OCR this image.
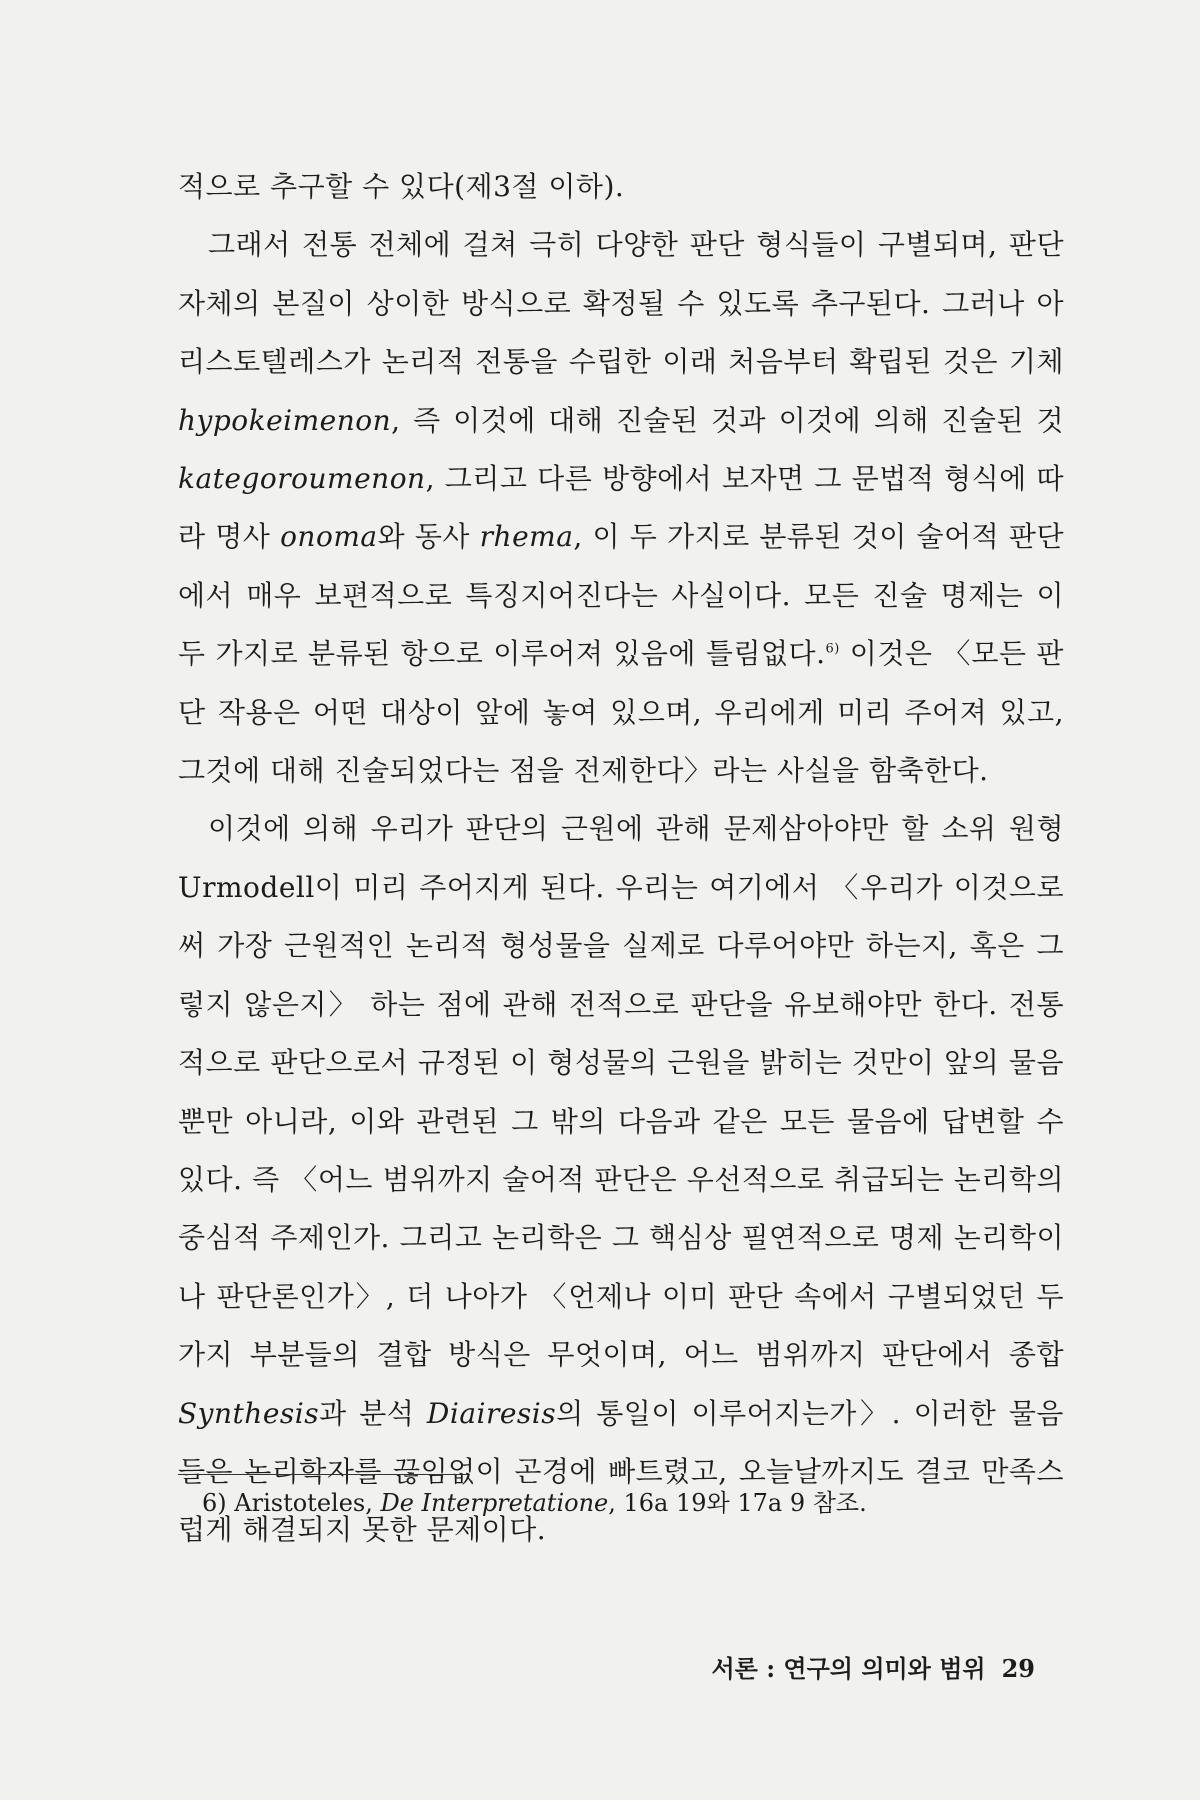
적으로 추구할 수 있다(제3절 이하).

그래서 전통 전체에 걸쳐 극히 다양한 판단 형식들이 구별되며, 판단 자체의 본질이 상이한 방식으로 확정될 수 있도록 추구된다. 그러나 아리스토텔레스가 논리적 전통을 수립한 이래 처음부터 확립된 것은 기체 hypokeimenon, 즉 이것에 대해 진술된 것과 이것에 의해 진술된 것 kategoroumenon, 그리고 다른 방향에서 보자면 그 문법적 형식에 따라 명사 onoma와 동사 rhema, 이 두 가지로 분류된 것이 술어적 판단에서 매우 보편적으로 특징지어진다는 사실이다. 모든 진술 명제는 이 두 가지로 분류된 항으로 이루어져 있음에 틀림없다.$^{6)}$ 이것은 〈모든 판단 작용은 어떤 대상이 앞에 놓여 있으며, 우리에게 미리 주어져 있고, 그것에 대해 진술되었다는 점을 전제한다〉라는 사실을 함축한다.

이것에 의해 우리가 판단의 근원에 관해 문제삼아야만 할 소위 원형 Urmodell이 미리 주어지게 된다. 우리는 여기에서 〈우리가 이것으로써 가장 근원적인 논리적 형성물을 실제로 다루어야만 하는지, 혹은 그렇지 않은지〉 하는 점에 관해 전적으로 판단을 유보해야만 한다. 전통적으로 판단으로서 규정된 이 형성물의 근원을 밝히는 것만이 앞의 물음뿐만 아니라, 이와 관련된 그 밖의 다음과 같은 모든 물음에 답변할 수 있다. 즉 〈어느 범위까지 술어적 판단은 우선적으로 취급되는 논리학의 중심적 주제인가. 그리고 논리학은 그 핵심상 필연적으로 명제 논리학이나 판단론인가〉, 더 나아가 〈언제나 이미 판단 속에서 구별되었던 두 가지 부분들의 결합 방식은 무엇이며, 어느 범위까지 판단에서 종합 Synthesis과 분석 Diairesis의 통일이 이루어지는가〉. 이러한 물음들은 논리학자를 끊임없이 곤경에 빠트렸고, 오늘날까지도 결코 만족스럽게 해결되지 못한 문제이다.

6) Aristoteles, De Interpretatione, 16a 19와 17a 9 참조.
서론 : 연구의 의미와 범위 29
